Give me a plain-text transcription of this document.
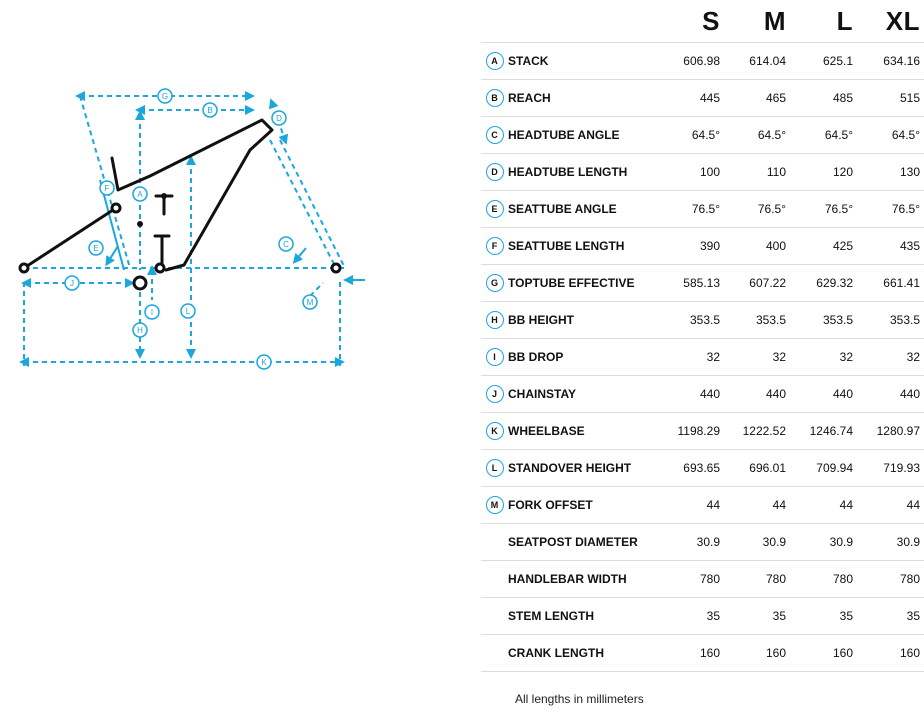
A
B
C
D
E
F
G
H
I
J
K
L
M
		S	M	L	XL
A	STACK	606.98	614.04	625.1	634.16
B	REACH	445	465	485	515
C	HEADTUBE ANGLE	64.5°	64.5°	64.5°	64.5°
D	HEADTUBE LENGTH	100	110	120	130
E	SEATTUBE ANGLE	76.5°	76.5°	76.5°	76.5°
F	SEATTUBE LENGTH	390	400	425	435
G	TOPTUBE EFFECTIVE	585.13	607.22	629.32	661.41
H	BB HEIGHT	353.5	353.5	353.5	353.5
I	BB DROP	32	32	32	32
J	CHAINSTAY	440	440	440	440
K	WHEELBASE	1198.29	1222.52	1246.74	1280.97
L	STANDOVER HEIGHT	693.65	696.01	709.94	719.93
M	FORK OFFSET	44	44	44	44
	SEATPOST DIAMETER	30.9	30.9	30.9	30.9
	HANDLEBAR WIDTH	780	780	780	780
	STEM LENGTH	35	35	35	35
	CRANK LENGTH	160	160	160	160
All lengths in millimeters
